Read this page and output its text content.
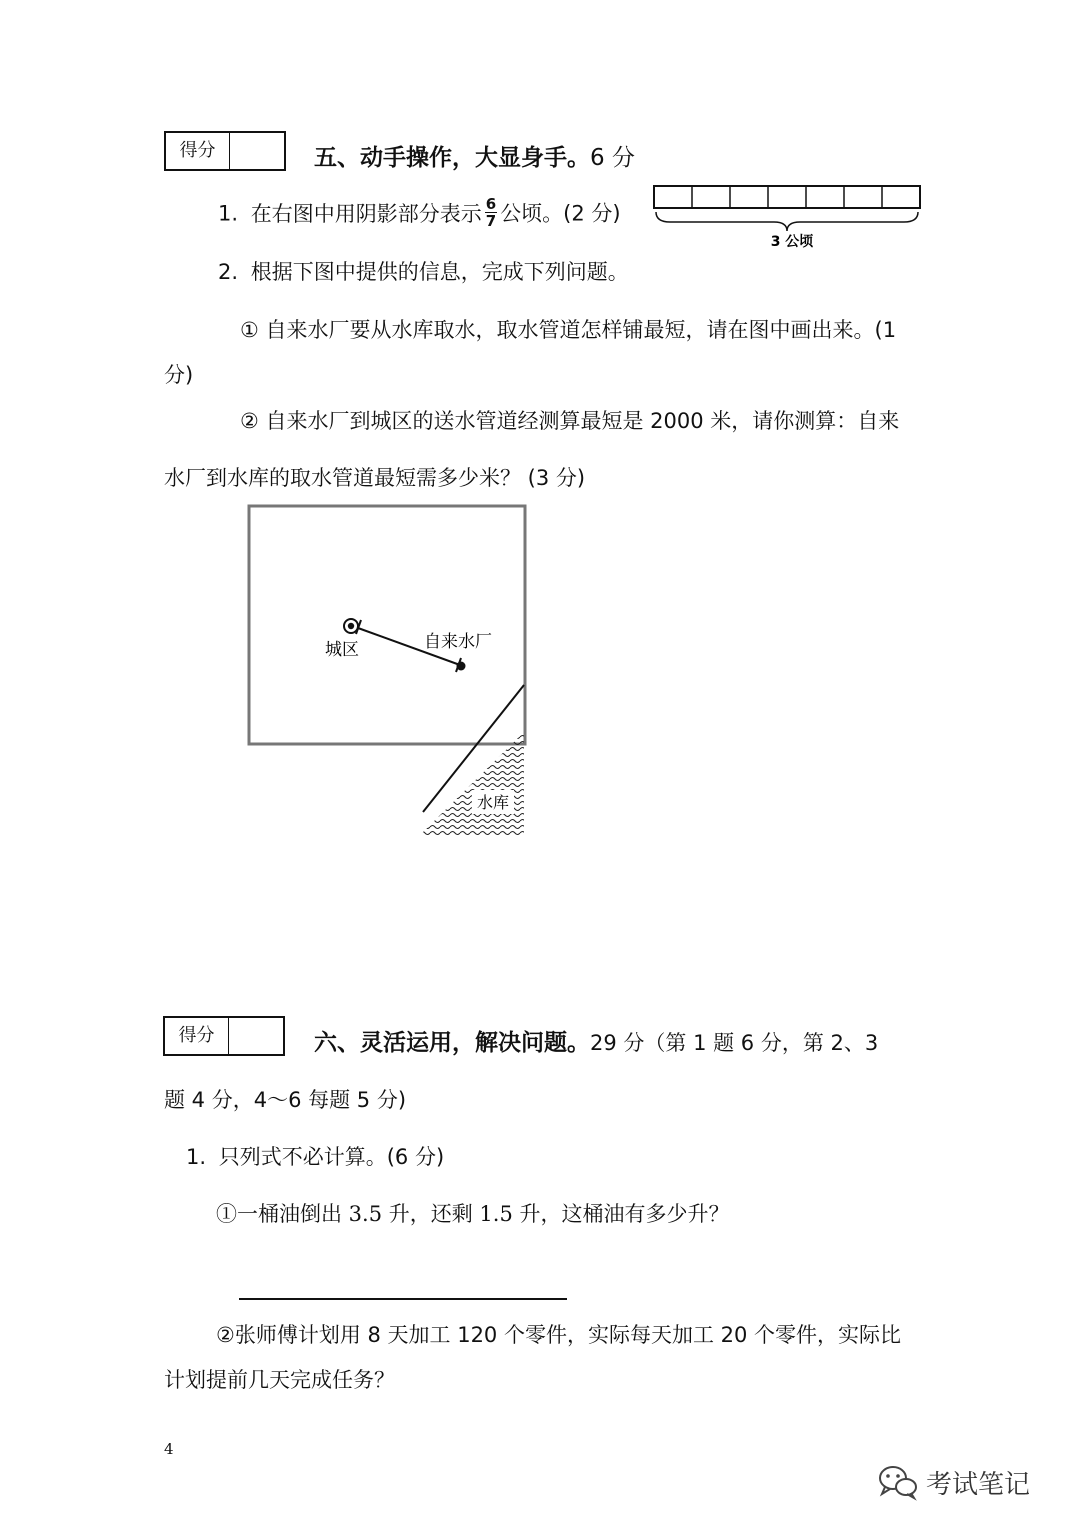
得分	五、动手操作，大显身手。6 分
1. 在右图中用阴影部分表示 $\frac{6}{7}$ 公顷。(2 分)
3 公顷
2. 根据下图中提供的信息，完成下列问题。
① 自来水厂要从水库取水，取水管道怎样铺最短，请在图中画出来。(1
分)
② 自来水厂到城区的送水管道经测算最短是 2000 米，请你测算：自来
水厂到水库的取水管道最短需多少米？ (3 分)
水库
城区	自来水厂
得分	六、灵活运用，解决问题。29 分（第 1 题 6 分，第 2、3
题 4 分，4～6 每题 5 分)
1. 只列式不必计算。(6 分)
①一桶油倒出 3.5 升，还剩 1.5 升，这桶油有多少升？
②张师傅计划用 8 天加工 120 个零件，实际每天加工 20 个零件，实际比
计划提前几天完成任务？
4
考试笔记
